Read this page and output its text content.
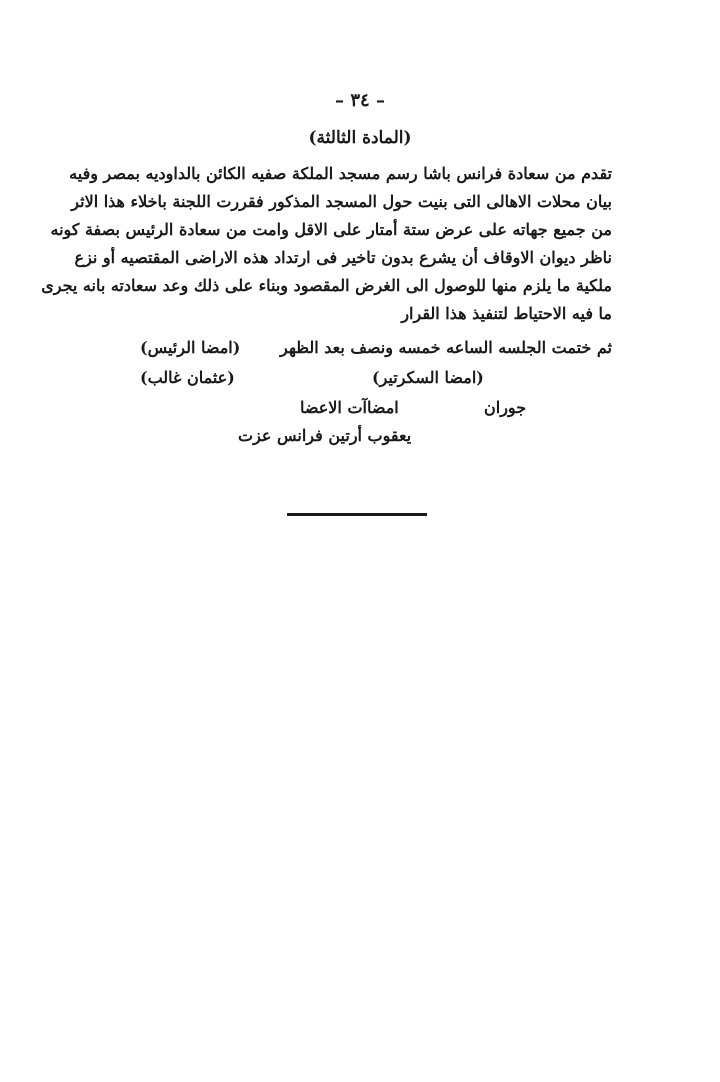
– ٣٤ –
(المادة الثالثة)
تقدم من سعادة فرانس باشا رسم مسجد الملكة صفيه الكائن بالداوديه بمصر وفيه
بيان محلات الاهالى التى بنيت حول المسجد المذكور فقررت اللجنة باخلاء هذا الاثر
من جميع جهاته على عرض ستة أمتار على الاقل وامت من سعادة الرئيس بصفة كونه
ناظر ديوان الاوقاف أن يشرع بدون تاخير فى ارتداد هذه الاراضى المقتصيه أو نزع
ملكية ما يلزم منها للوصول الى الغرض المقصود وبناء على ذلك وعد سعادته بانه يجرى
ما فيه الاحتياط لتنفيذ هذا القرار
ثم ختمت الجلسه الساعه خمسه ونصف بعد الظهر
(امضا الرئيس)
(عثمان غالب)	(امضا السكرتير)
امضاآت الاعضا	جوران
يعقوب أرتين فرانس عزت
